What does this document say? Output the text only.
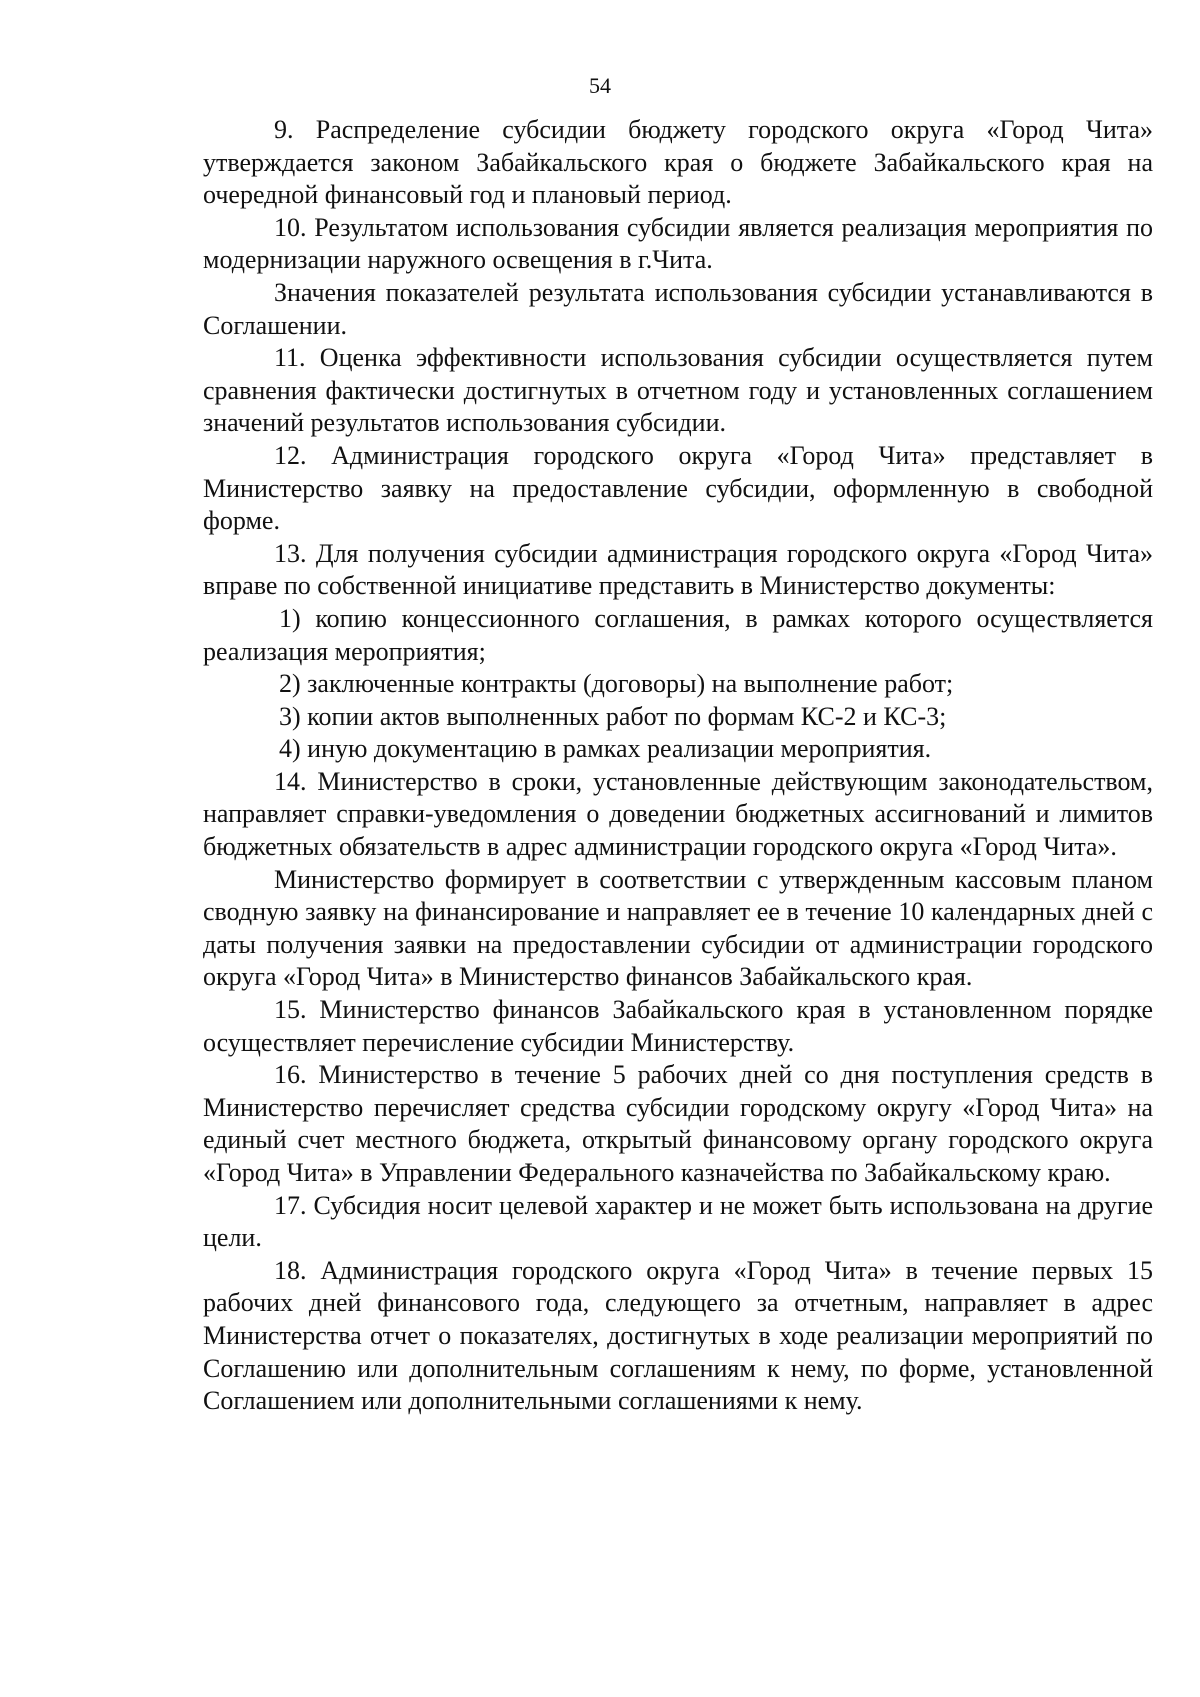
54

9. Распределение субсидии бюджету городского округа «Город Чита» утверждается законом Забайкальского края о бюджете Забайкальского края на очередной финансовый год и плановый период.

10. Результатом использования субсидии является реализация мероприятия по модернизации наружного освещения в г.Чита.

Значения показателей результата использования субсидии устанавливаются в Соглашении.

11. Оценка эффективности использования субсидии осуществляется путем сравнения фактически достигнутых в отчетном году и установленных соглашением значений результатов использования субсидии.

12. Администрация городского округа «Город Чита» представляет в Министерство заявку на предоставление субсидии, оформленную в свободной форме.

13. Для получения субсидии администрация городского округа «Город Чита» вправе по собственной инициативе представить в Министерство документы:

1) копию концессионного соглашения, в рамках которого осуществляется реализация мероприятия;

2) заключенные контракты (договоры) на выполнение работ;

3) копии актов выполненных работ по формам КС-2 и КС-3;

4) иную документацию в рамках реализации мероприятия.

14. Министерство в сроки, установленные действующим законодательством, направляет справки-уведомления о доведении бюджетных ассигнований и лимитов бюджетных обязательств в адрес администрации городского округа «Город Чита».

Министерство формирует в соответствии с утвержденным кассовым планом сводную заявку на финансирование и направляет ее в течение 10 календарных дней с даты получения заявки на предоставлении субсидии от администрации городского округа «Город Чита» в Министерство финансов Забайкальского края.

15. Министерство финансов Забайкальского края в установленном порядке осуществляет перечисление субсидии Министерству.

16. Министерство в течение 5 рабочих дней со дня поступления средств в Министерство перечисляет средства субсидии городскому округу «Город Чита» на единый счет местного бюджета, открытый финансовому органу городского округа «Город Чита» в Управлении Федерального казначейства по Забайкальскому краю.

17. Субсидия носит целевой характер и не может быть использована на другие цели.

18. Администрация городского округа «Город Чита» в течение первых 15 рабочих дней финансового года, следующего за отчетным, направляет в адрес Министерства отчет о показателях, достигнутых в ходе реализации мероприятий по Соглашению или дополнительным соглашениям к нему, по форме, установленной Соглашением или дополнительными соглашениями к нему.
